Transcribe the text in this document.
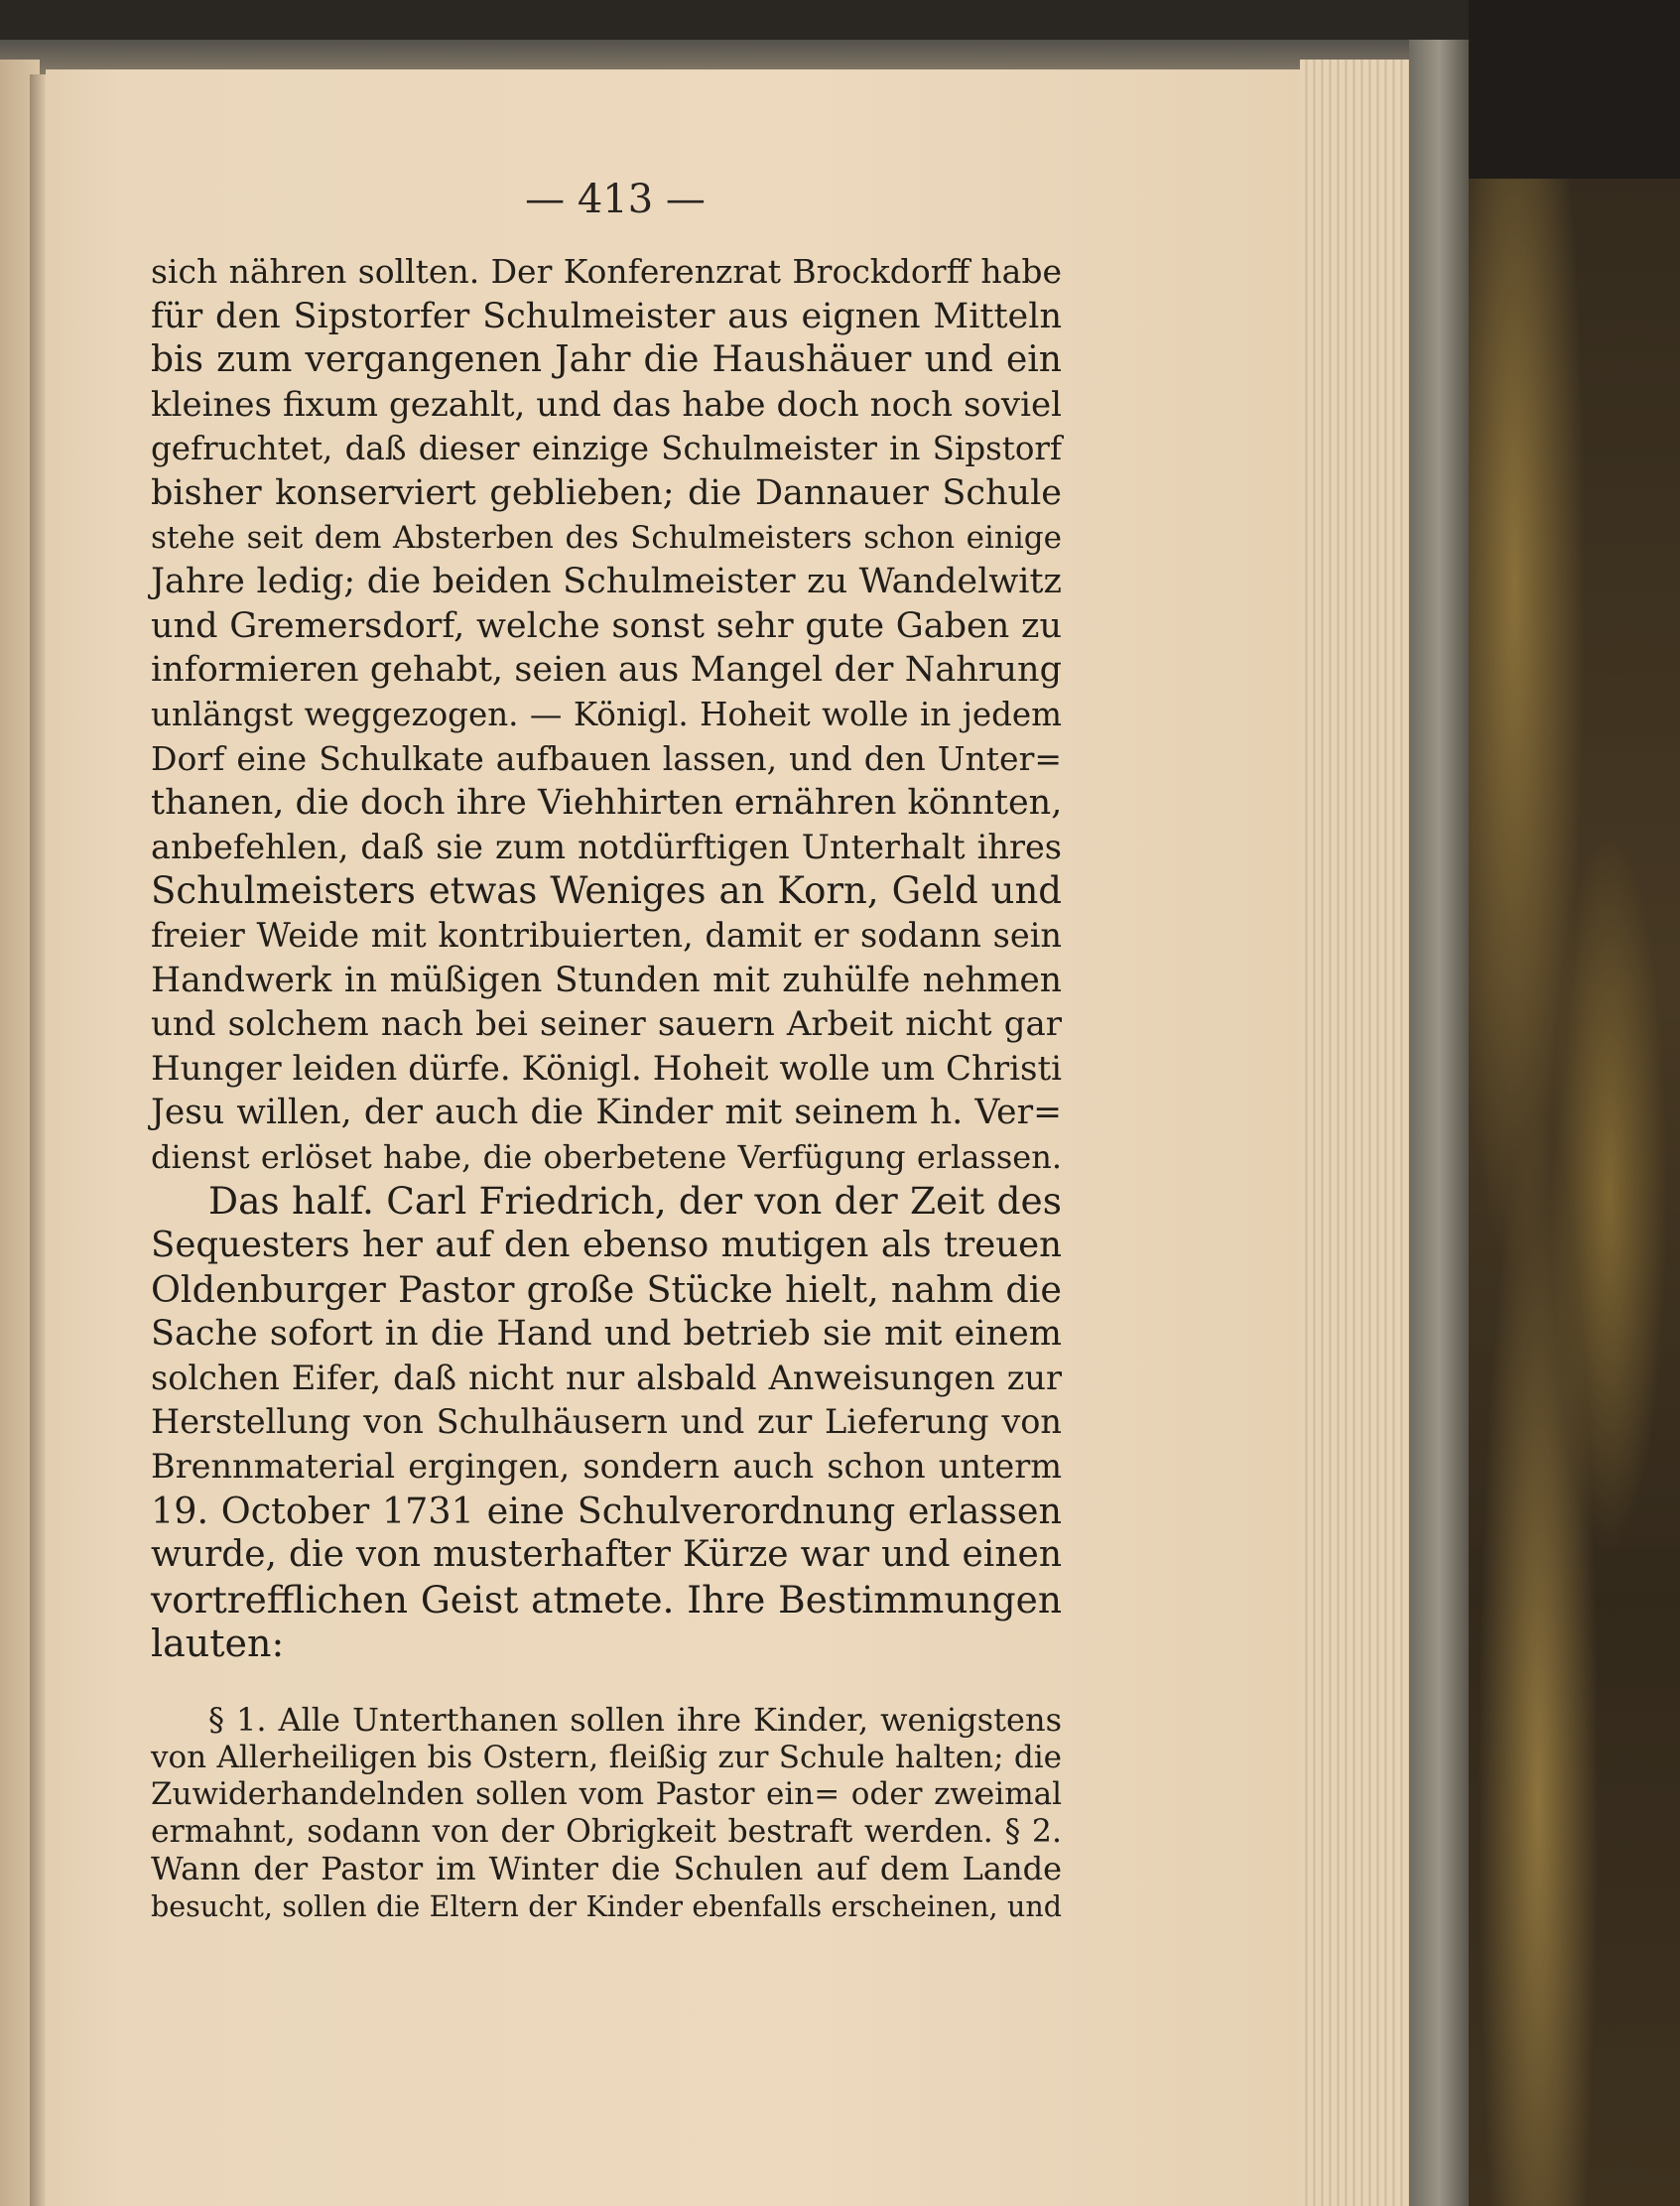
— 413 —
sich nähren sollten. Der Konferenzrat Brockdorff habe
für den Sipstorfer Schulmeister aus eignen Mitteln
bis zum vergangenen Jahr die Haushäuer und ein
kleines fixum gezahlt, und das habe doch noch soviel
gefruchtet, daß dieser einzige Schulmeister in Sipstorf
bisher konserviert geblieben; die Dannauer Schule
stehe seit dem Absterben des Schulmeisters schon einige
Jahre ledig; die beiden Schulmeister zu Wandelwitz
und Gremersdorf, welche sonst sehr gute Gaben zu
informieren gehabt, seien aus Mangel der Nahrung
unlängst weggezogen. — Königl. Hoheit wolle in jedem
Dorf eine Schulkate aufbauen lassen, und den Unter=
thanen, die doch ihre Viehhirten ernähren könnten,
anbefehlen, daß sie zum notdürftigen Unterhalt ihres
Schulmeisters etwas Weniges an Korn, Geld und
freier Weide mit kontribuierten, damit er sodann sein
Handwerk in müßigen Stunden mit zuhülfe nehmen
und solchem nach bei seiner sauern Arbeit nicht gar
Hunger leiden dürfe. Königl. Hoheit wolle um Christi
Jesu willen, der auch die Kinder mit seinem h. Ver=
dienst erlöset habe, die oberbetene Verfügung erlassen.
Das half. Carl Friedrich, der von der Zeit des
Sequesters her auf den ebenso mutigen als treuen
Oldenburger Pastor große Stücke hielt, nahm die
Sache sofort in die Hand und betrieb sie mit einem
solchen Eifer, daß nicht nur alsbald Anweisungen zur
Herstellung von Schulhäusern und zur Lieferung von
Brennmaterial ergingen, sondern auch schon unterm
19. October 1731 eine Schulverordnung erlassen
wurde, die von musterhafter Kürze war und einen
vortrefflichen Geist atmete. Ihre Bestimmungen
lauten:
§ 1. Alle Unterthanen sollen ihre Kinder, wenigstens
von Allerheiligen bis Ostern, fleißig zur Schule halten; die
Zuwiderhandelnden sollen vom Pastor ein= oder zweimal
ermahnt, sodann von der Obrigkeit bestraft werden. § 2.
Wann der Pastor im Winter die Schulen auf dem Lande
besucht, sollen die Eltern der Kinder ebenfalls erscheinen, und
